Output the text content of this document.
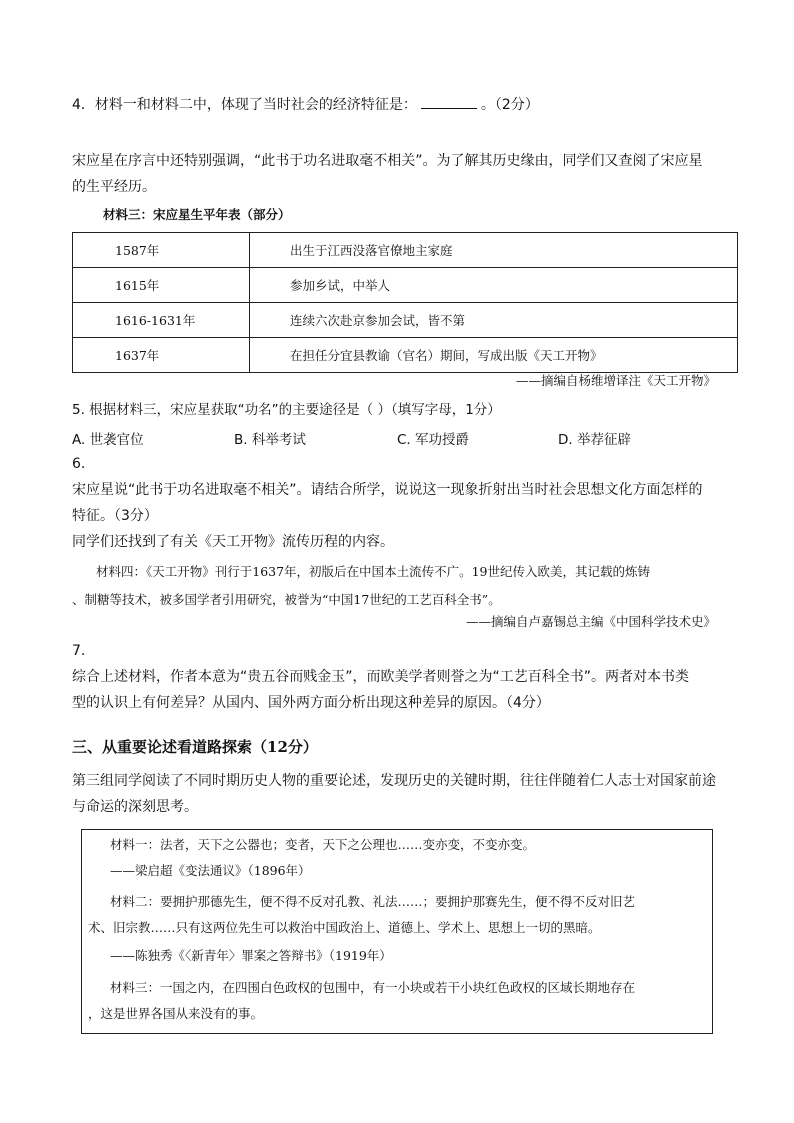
4．材料一和材料二中，体现了当时社会的经济特征是：	。（2分）
宋应星在序言中还特别强调，“此书于功名进取毫不相关”。为了解其历史缘由，同学们又查阅了宋应星
的生平经历。
材料三：宋应星生平年表（部分）
1587年	出生于江西没落官僚地主家庭
1615年	参加乡试，中举人
1616-1631年	连续六次赴京参加会试，皆不第
1637年	在担任分宜县教谕（官名）期间，写成出版《天工开物》
——摘编自杨维增译注《天工开物》
5. 根据材料三，宋应星获取“功名”的主要途径是（ ）（填写字母，1分）
A. 世袭官位	B. 科举考试	C. 军功授爵	D. 举荐征辟
6.
宋应星说“此书于功名进取毫不相关”。请结合所学，说说这一现象折射出当时社会思想文化方面怎样的
特征。（3分）
同学们还找到了有关《天工开物》流传历程的内容。
材料四：《天工开物》刊行于1637年，初版后在中国本土流传不广。19世纪传入欧美，其记载的炼铸
、制糖等技术，被多国学者引用研究，被誉为“中国17世纪的工艺百科全书”。
——摘编自卢嘉锡总主编《中国科学技术史》
7.
综合上述材料，作者本意为“贵五谷而贱金玉”，而欧美学者则誉之为“工艺百科全书”。两者对本书类
型的认识上有何差异？从国内、国外两方面分析出现这种差异的原因。（4分）
三、从重要论述看道路探索（12分）
第三组同学阅读了不同时期历史人物的重要论述，发现历史的关键时期，往往伴随着仁人志士对国家前途
与命运的深刻思考。
材料一：法者，天下之公器也；变者，天下之公理也……变亦变，不变亦变。
——梁启超《变法通议》（1896年）
材料二：要拥护那德先生，便不得不反对孔教、礼法……；要拥护那赛先生，便不得不反对旧艺
术、旧宗教……只有这两位先生可以救治中国政治上、道德上、学术上、思想上一切的黑暗。
——陈独秀《〈新青年〉罪案之答辩书》（1919年）
材料三：一国之内，在四围白色政权的包围中，有一小块或若干小块红色政权的区域长期地存在
，这是世界各国从来没有的事。
